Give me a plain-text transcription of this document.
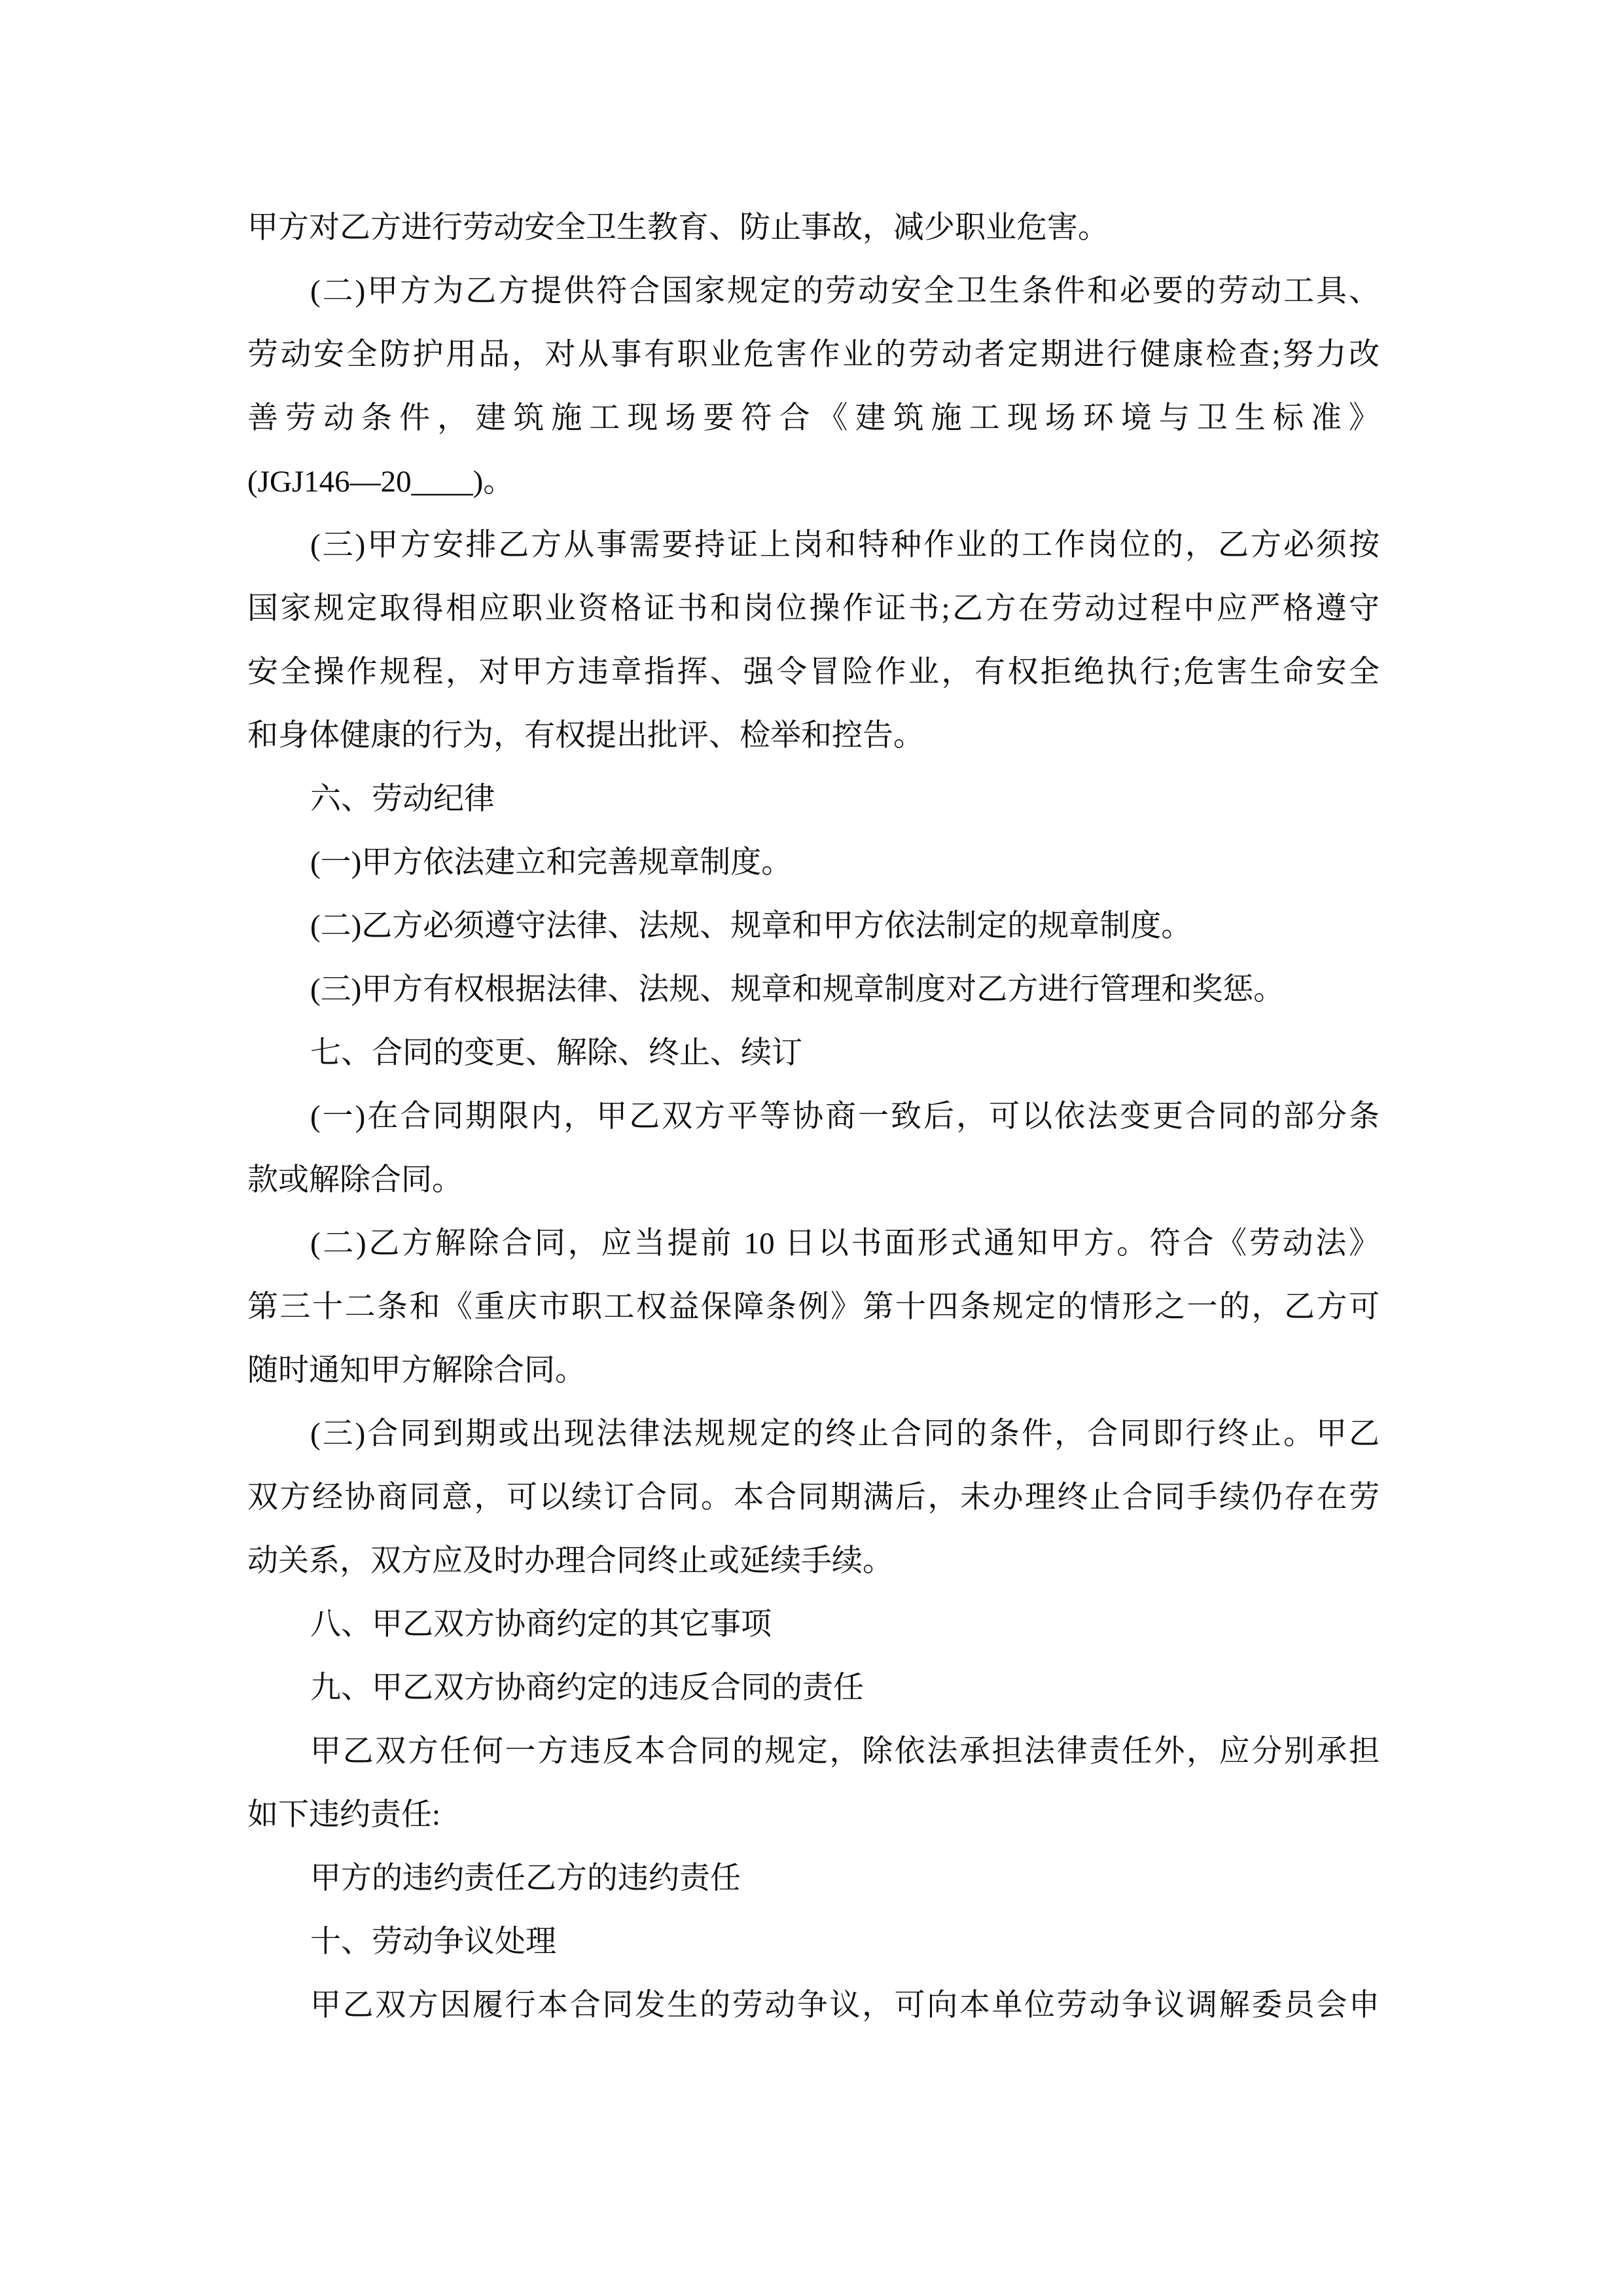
甲方对乙方进行劳动安全卫生教育、防止事故，减少职业危害。

(二)甲方为乙方提供符合国家规定的劳动安全卫生条件和必要的劳动工具、

劳动安全防护用品，对从事有职业危害作业的劳动者定期进行健康检查;努力改

善劳动条件，建筑施工现场要符合《建筑施工现场环境与卫生标准》

(JGJ146—20____)。

(三)甲方安排乙方从事需要持证上岗和特种作业的工作岗位的，乙方必须按

国家规定取得相应职业资格证书和岗位操作证书;乙方在劳动过程中应严格遵守

安全操作规程，对甲方违章指挥、强令冒险作业，有权拒绝执行;危害生命安全

和身体健康的行为，有权提出批评、检举和控告。

六、劳动纪律

(一)甲方依法建立和完善规章制度。

(二)乙方必须遵守法律、法规、规章和甲方依法制定的规章制度。

(三)甲方有权根据法律、法规、规章和规章制度对乙方进行管理和奖惩。

七、合同的变更、解除、终止、续订

(一)在合同期限内，甲乙双方平等协商一致后，可以依法变更合同的部分条

款或解除合同。

(二)乙方解除合同，应当提前 10 日以书面形式通知甲方。符合《劳动法》

第三十二条和《重庆市职工权益保障条例》第十四条规定的情形之一的，乙方可

随时通知甲方解除合同。

(三)合同到期或出现法律法规规定的终止合同的条件，合同即行终止。甲乙

双方经协商同意，可以续订合同。本合同期满后，未办理终止合同手续仍存在劳

动关系，双方应及时办理合同终止或延续手续。

八、甲乙双方协商约定的其它事项

九、甲乙双方协商约定的违反合同的责任

甲乙双方任何一方违反本合同的规定，除依法承担法律责任外，应分别承担

如下违约责任:

甲方的违约责任乙方的违约责任

十、劳动争议处理

甲乙双方因履行本合同发生的劳动争议，可向本单位劳动争议调解委员会申
